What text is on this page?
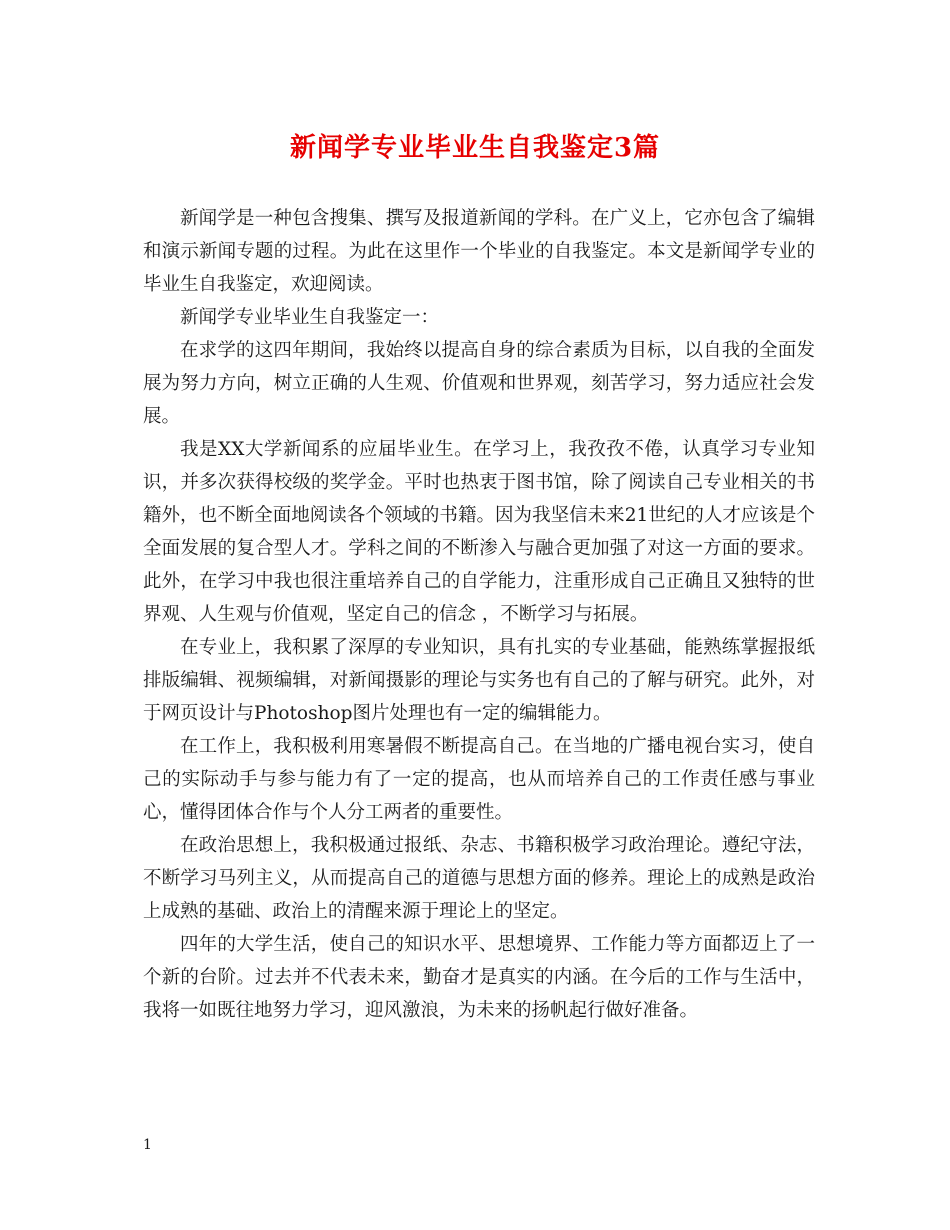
新闻学专业毕业生自我鉴定3篇

新闻学是一种包含搜集、撰写及报道新闻的学科。在广义上，它亦包含了编辑和演示新闻专题的过程。为此在这里作一个毕业的自我鉴定。本文是新闻学专业的毕业生自我鉴定，欢迎阅读。

新闻学专业毕业生自我鉴定一：

在求学的这四年期间，我始终以提高自身的综合素质为目标，以自我的全面发展为努力方向，树立正确的人生观、价值观和世界观，刻苦学习，努力适应社会发展。

我是XX大学新闻系的应届毕业生。在学习上，我孜孜不倦，认真学习专业知识，并多次获得校级的奖学金。平时也热衷于图书馆，除了阅读自己专业相关的书籍外，也不断全面地阅读各个领域的书籍。因为我坚信未来21世纪的人才应该是个全面发展的复合型人才。学科之间的不断渗入与融合更加强了对这一方面的要求。此外，在学习中我也很注重培养自己的自学能力，注重形成自己正确且又独特的世界观、人生观与价值观，坚定自己的信念 ，不断学习与拓展。

在专业上，我积累了深厚的专业知识，具有扎实的专业基础，能熟练掌握报纸排版编辑、视频编辑，对新闻摄影的理论与实务也有自己的了解与研究。此外，对于网页设计与Photoshop图片处理也有一定的编辑能力。

在工作上，我积极利用寒暑假不断提高自己。在当地的广播电视台实习，使自己的实际动手与参与能力有了一定的提高，也从而培养自己的工作责任感与事业心，懂得团体合作与个人分工两者的重要性。

在政治思想上，我积极通过报纸、杂志、书籍积极学习政治理论。遵纪守法，不断学习马列主义，从而提高自己的道德与思想方面的修养。理论上的成熟是政治上成熟的基础、政治上的清醒来源于理论上的坚定。

四年的大学生活，使自己的知识水平、思想境界、工作能力等方面都迈上了一个新的台阶。过去并不代表未来，勤奋才是真实的内涵。在今后的工作与生活中，我将一如既往地努力学习，迎风激浪，为未来的扬帆起行做好准备。

1
